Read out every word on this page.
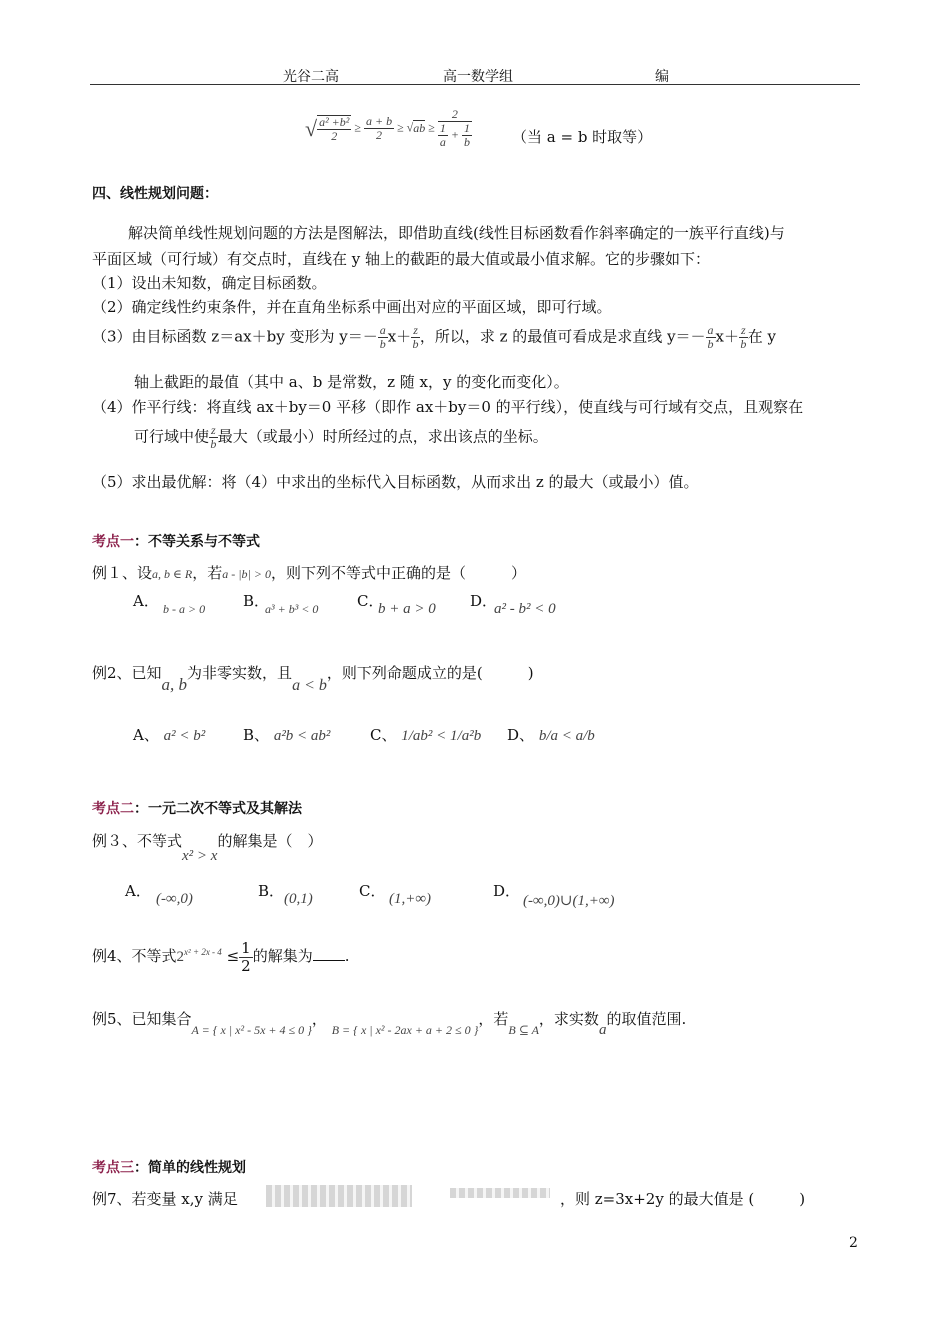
光谷二高	高一数学组	编
√ $\frac{\text{a² +b²}}{2} \ge \frac{a + b}{2} \ge √ab \ge \frac{2}{\frac{1}{a} + \frac{1}{b}}$	（当 a = b 时取等）
四、线性规划问题：
解决简单线性规划问题的方法是图解法，即借助直线(线性目标函数看作斜率确定的一族平行直线)与
平面区域（可行域）有交点时，直线在 y 轴上的截距的最大值或最小值求解。它的步骤如下：
（1）设出未知数，确定目标函数。
（2）确定线性约束条件，并在直角坐标系中画出对应的平面区域，即可行域。
（3）由目标函数 z＝ax＋by 变形为 $y=- \frac{a}{b} x+ \frac{z}{b}$ ，所以，求 z 的最值可看成是求直线 $y=- \frac{a}{b} x+ \frac{z}{b}$ 在 y
轴上截距的最值（其中 a、b 是常数，z 随 x，y 的变化而变化）。
（4）作平行线：将直线 ax＋by＝0 平移（即作 ax＋by＝0 的平行线），使直线与可行域有交点，且观察在
可行域中使 $\frac{z}{b}$ 最大（或最小）时所经过的点，求出该点的坐标。
（5）求出最优解：将（4）中求出的坐标代入目标函数，从而求出 z 的最大（或最小）值。
考点一：不等关系与不等式
例１、设a, b ∈ R，若a - |b| > 0，则下列不等式中正确的是（　　　）
A． b - a > 0	B．
a³ + b³ < 0	C．
b + a > 0 D．
a² - b² < 0
例2、已知a, b为非零实数，且a < b，则下列命题成立的是(　　　)
A、 a² < b²	B、 a²b < ab²	C、 1/ab² < 1/a²b D、 b/a < a/b
考点二：一元二次不等式及其解法
例３、不等式x² > x的解集是（　）
A． (-∞,0)	B． (0,1)	C． (1,+∞)	D．
(-∞,0)∪(1,+∞)
例4、不等式$2^{x^2 + 2x - 4} \le \frac{1}{2}$ 的解集为 .
例5、已知集合$_{A = \{ x | x^2 - 5x + 4 \le 0 \}}$， $_{B = \{ x | x^2 - 2ax + a + 2 \le 0 \}}$，若$_{B ⊆ A}$，求实数a的取值范围.
考点三：简单的线性规划
例7、若变量 x,y 满足	，则 z=3x+2y 的最大值是 (　　　)
2
